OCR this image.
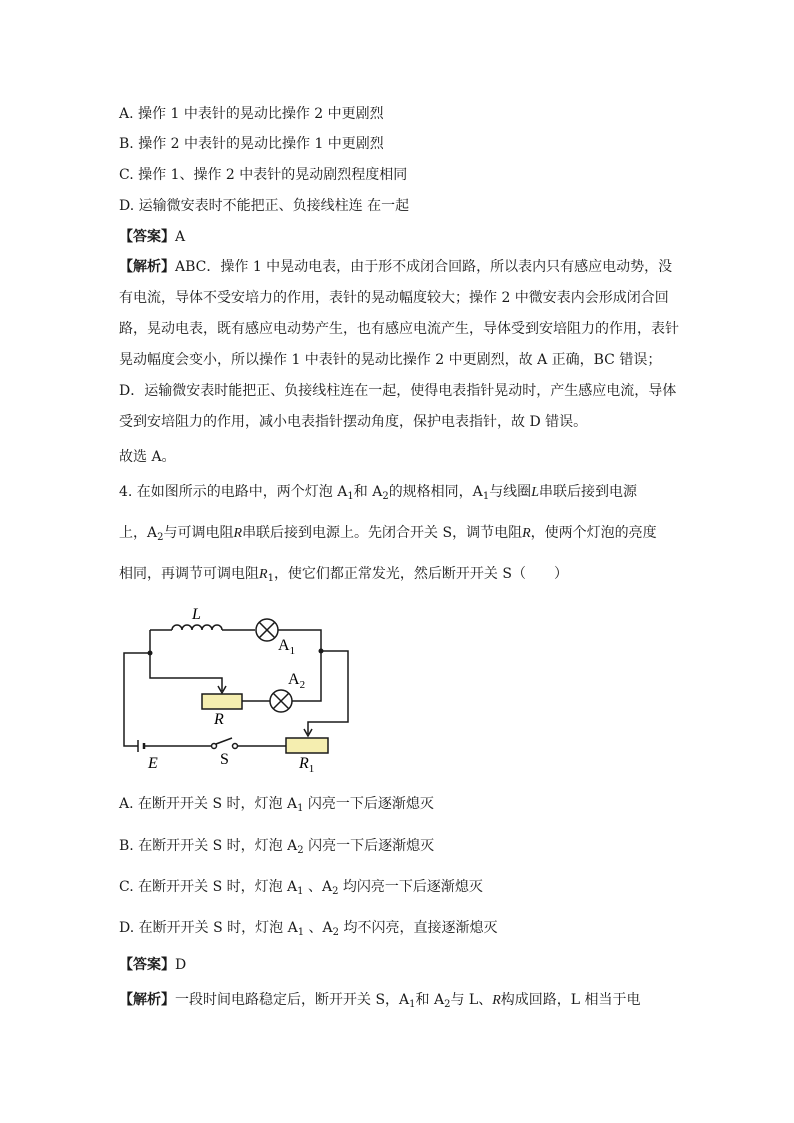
A. 操作 1 中表针的晃动比操作 2 中更剧烈
B. 操作 2 中表针的晃动比操作 1 中更剧烈
C. 操作 1、操作 2 中表针的晃动剧烈程度相同
D. 运输微安表时不能把正、负接线柱连 在一起
【答案】A
【解析】ABC．操作 1 中晃动电表，由于形不成闭合回路，所以表内只有感应电动势，没有电流，导体不受安培力的作用，表针的晃动幅度较大；操作 2 中微安表内会形成闭合回路，晃动电表，既有感应电动势产生，也有感应电流产生，导体受到安培阻力的作用，表针晃动幅度会变小，所以操作 1 中表针的晃动比操作 2 中更剧烈，故 A 正确，BC 错误；D．运输微安表时能把正、负接线柱连在一起，使得电表指针晃动时，产生感应电流，导体受到安培阻力的作用，减小电表指针摆动角度，保护电表指针，故 D 错误。
故选 A。
4. 在如图所示的电路中，两个灯泡 $A_1$和 $A_2$的规格相同，$A_1$与线圈L串联后接到电源
上，$A_2$与可调电阻R串联后接到电源上。先闭合开关 S，调节电阻R，使两个灯泡的亮度
相同，再调节可调电阻$R_1$，使它们都正常发光，然后断开开关 S（　　）
L
$A_1$
$A_2$
R
E	S	$R_1$
A. 在断开开关 S 时，灯泡 $A_1$ 闪亮一下后逐渐熄灭
B. 在断开开关 S 时，灯泡 $A_2$ 闪亮一下后逐渐熄灭
C. 在断开开关 S 时，灯泡 $A_1$ 、$A_2$ 均闪亮一下后逐渐熄灭
D. 在断开开关 S 时，灯泡 $A_1$ 、$A_2$ 均不闪亮，直接逐渐熄灭
【答案】D
【解析】一段时间电路稳定后，断开开关 S，$A_1$和 $A_2$与 L、R构成回路，L 相当于电
